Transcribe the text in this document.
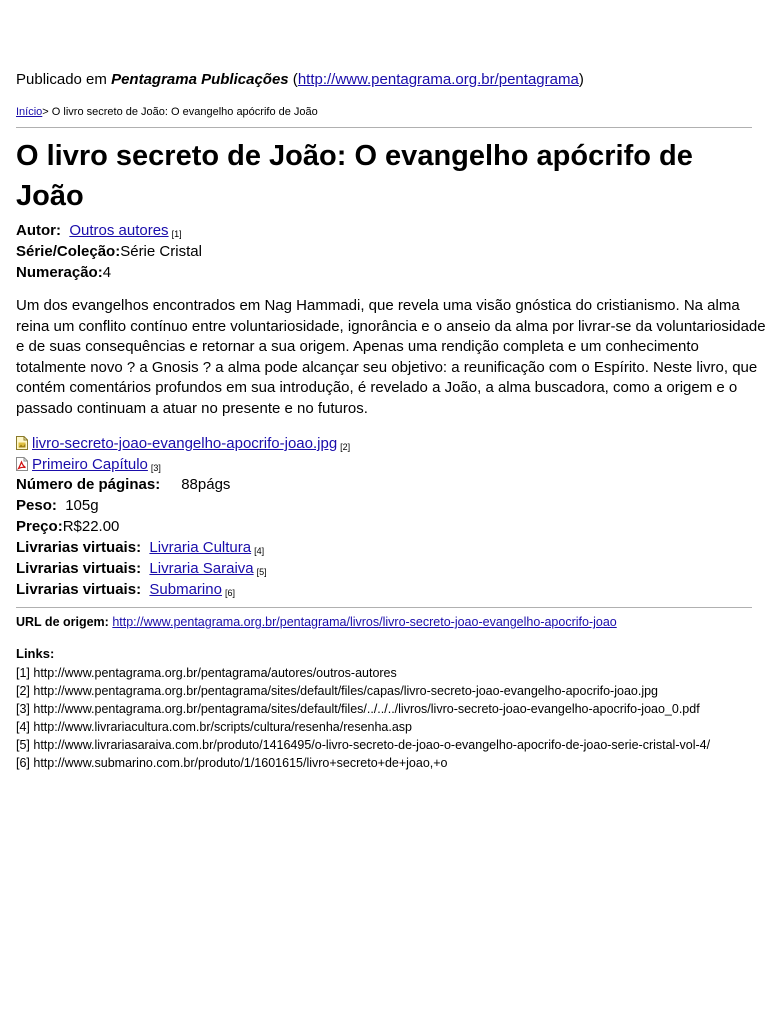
Publicado em Pentagrama Publicações (http://www.pentagrama.org.br/pentagrama)
Início> O livro secreto de João: O evangelho apócrifo de João
O livro secreto de João: O evangelho apócrifo de João
Autor: Outros autores [1]
Série/Coleção:Série Cristal
Numeração:4

Um dos evangelhos encontrados em Nag Hammadi, que revela uma visão gnóstica do cristianismo. Na alma reina um conflito contínuo entre voluntariosidade, ignorância e o anseio da alma por livrar-se da voluntariosidade e de suas consequências e retornar a sua origem. Apenas uma rendição completa e um conhecimento totalmente novo ? a Gnosis ? a alma pode alcançar seu objetivo: a reunificação com o Espírito. Neste livro, que contém comentários profundos em sua introdução, é revelado a João, a alma buscadora, como a origem e o passado continuam a atuar no presente e no futuros.

livro-secreto-joao-evangelho-apocrifo-joao.jpg [2]
Primeiro Capítulo [3]
Número de páginas: 88págs
Peso: 105g
Preço:R$22.00
Livrarias virtuais: Livraria Cultura [4]
Livrarias virtuais: Livraria Saraiva [5]
Livrarias virtuais: Submarino [6]
URL de origem: http://www.pentagrama.org.br/pentagrama/livros/livro-secreto-joao-evangelho-apocrifo-joao
Links:
[1] http://www.pentagrama.org.br/pentagrama/autores/outros-autores
[2] http://www.pentagrama.org.br/pentagrama/sites/default/files/capas/livro-secreto-joao-evangelho-apocrifo-joao.jpg
[3] http://www.pentagrama.org.br/pentagrama/sites/default/files/../../../livros/livro-secreto-joao-evangelho-apocrifo-joao_0.pdf
[4] http://www.livrariacultura.com.br/scripts/cultura/resenha/resenha.asp
[5] http://www.livrariasaraiva.com.br/produto/1416495/o-livro-secreto-de-joao-o-evangelho-apocrifo-de-joao-serie-cristal-vol-4/
[6] http://www.submarino.com.br/produto/1/1601615/livro+secreto+de+joao,+o
